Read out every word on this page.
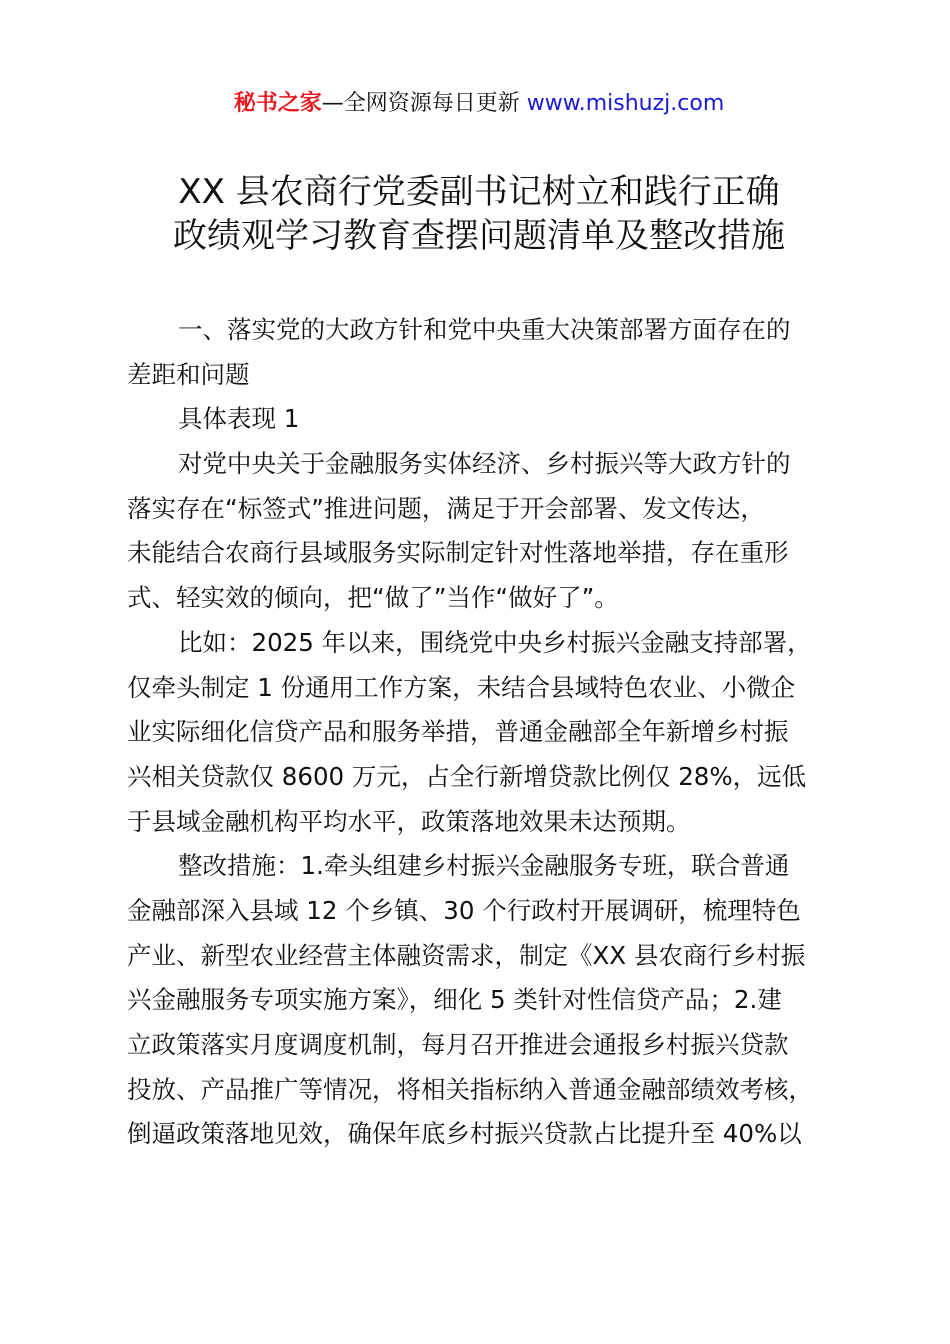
秘书之家—全网资源每日更新 www.mishuzj.com
XX 县农商行党委副书记树立和践行正确
政绩观学习教育查摆问题清单及整改措施
一、落实党的大政方针和党中央重大决策部署方面存在的
差距和问题
具体表现 1
对党中央关于金融服务实体经济、乡村振兴等大政方针的
落实存在“标签式”推进问题，满足于开会部署、发文传达，
未能结合农商行县域服务实际制定针对性落地举措，存在重形
式、轻实效的倾向，把“做了”当作“做好了”。
比如：2025 年以来，围绕党中央乡村振兴金融支持部署，
仅牵头制定 1 份通用工作方案，未结合县域特色农业、小微企
业实际细化信贷产品和服务举措，普通金融部全年新增乡村振
兴相关贷款仅 8600 万元，占全行新增贷款比例仅 28%，远低
于县域金融机构平均水平，政策落地效果未达预期。
整改措施：1.牵头组建乡村振兴金融服务专班，联合普通
金融部深入县域 12 个乡镇、30 个行政村开展调研，梳理特色
产业、新型农业经营主体融资需求，制定《XX 县农商行乡村振
兴金融服务专项实施方案》，细化 5 类针对性信贷产品；2.建
立政策落实月度调度机制，每月召开推进会通报乡村振兴贷款
投放、产品推广等情况，将相关指标纳入普通金融部绩效考核，
倒逼政策落地见效，确保年底乡村振兴贷款占比提升至 40%以
